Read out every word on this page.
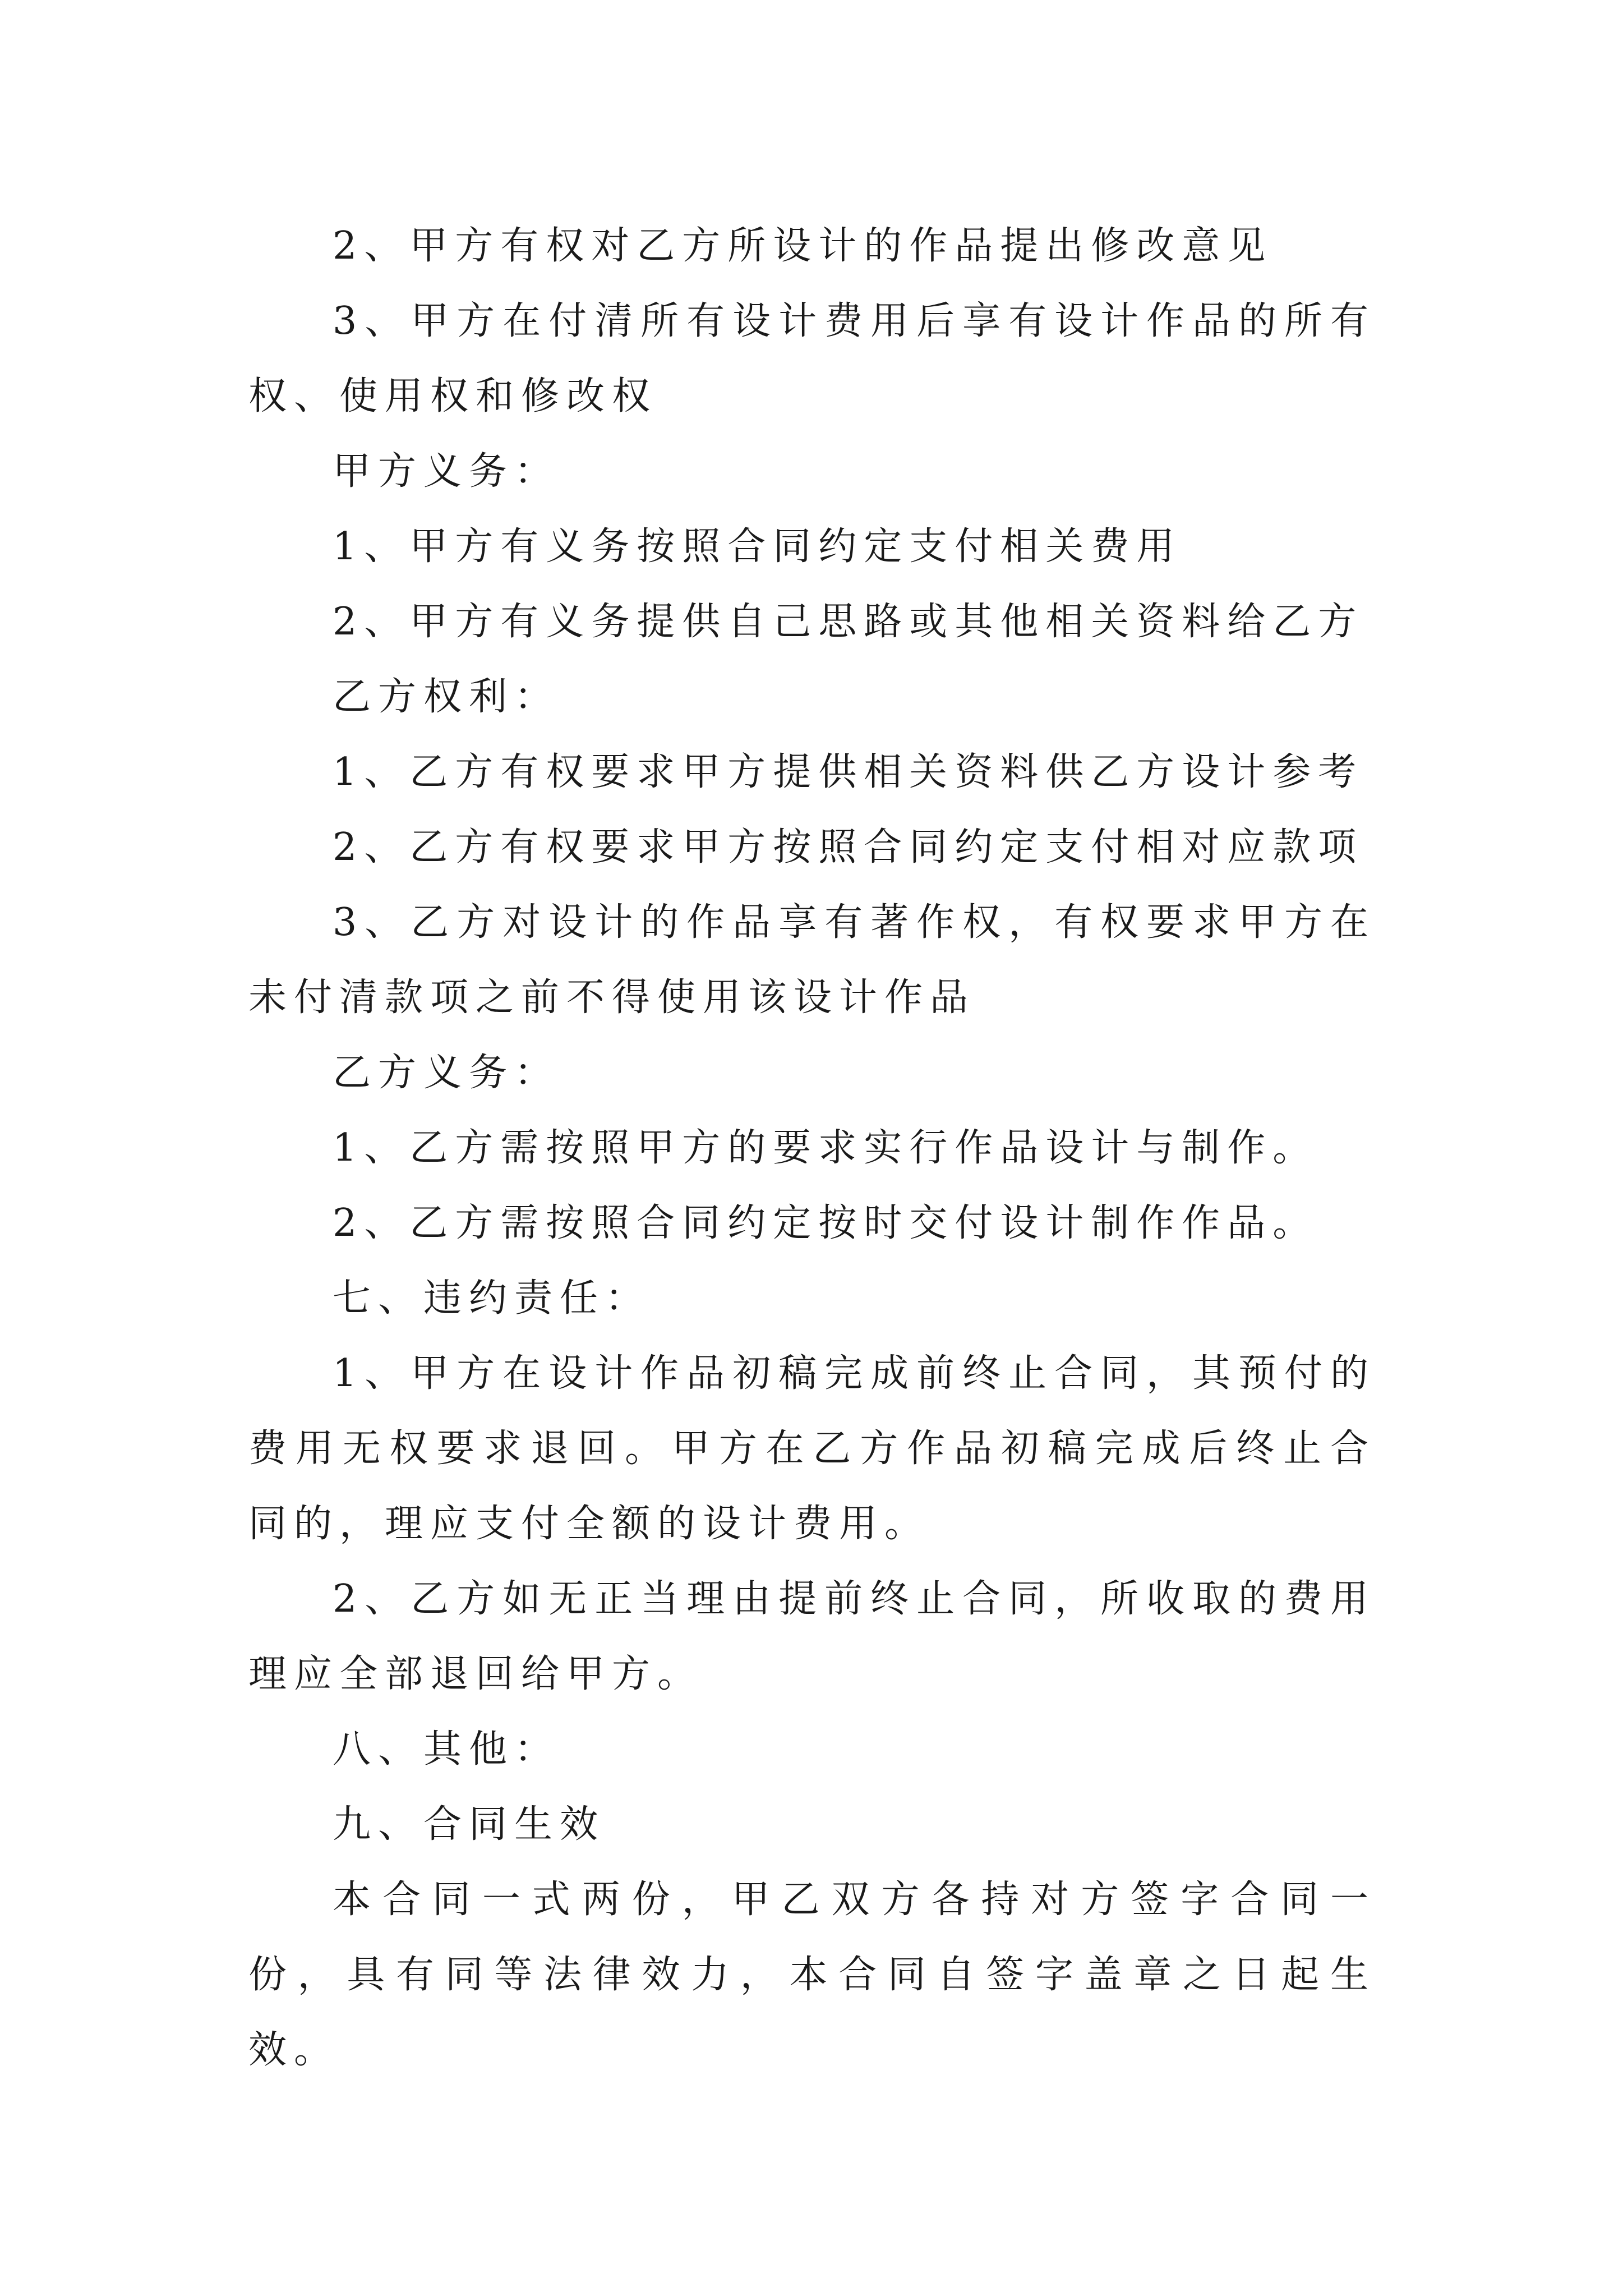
2、甲方有权对乙方所设计的作品提出修改意见

3、甲方在付清所有设计费用后享有设计作品的所有权、使用权和修改权

甲方义务：

1、甲方有义务按照合同约定支付相关费用

2、甲方有义务提供自己思路或其他相关资料给乙方

乙方权利：

1、乙方有权要求甲方提供相关资料供乙方设计参考

2、乙方有权要求甲方按照合同约定支付相对应款项

3、乙方对设计的作品享有著作权，有权要求甲方在未付清款项之前不得使用该设计作品

乙方义务：

1、乙方需按照甲方的要求实行作品设计与制作。

2、乙方需按照合同约定按时交付设计制作作品。

七、违约责任：

1、甲方在设计作品初稿完成前终止合同，其预付的费用无权要求退回。甲方在乙方作品初稿完成后终止合同的，理应支付全额的设计费用。

2、乙方如无正当理由提前终止合同，所收取的费用理应全部退回给甲方。

八、其他：

九、合同生效

本合同一式两份，甲乙双方各持对方签字合同一份，具有同等法律效力，本合同自签字盖章之日起生效。
